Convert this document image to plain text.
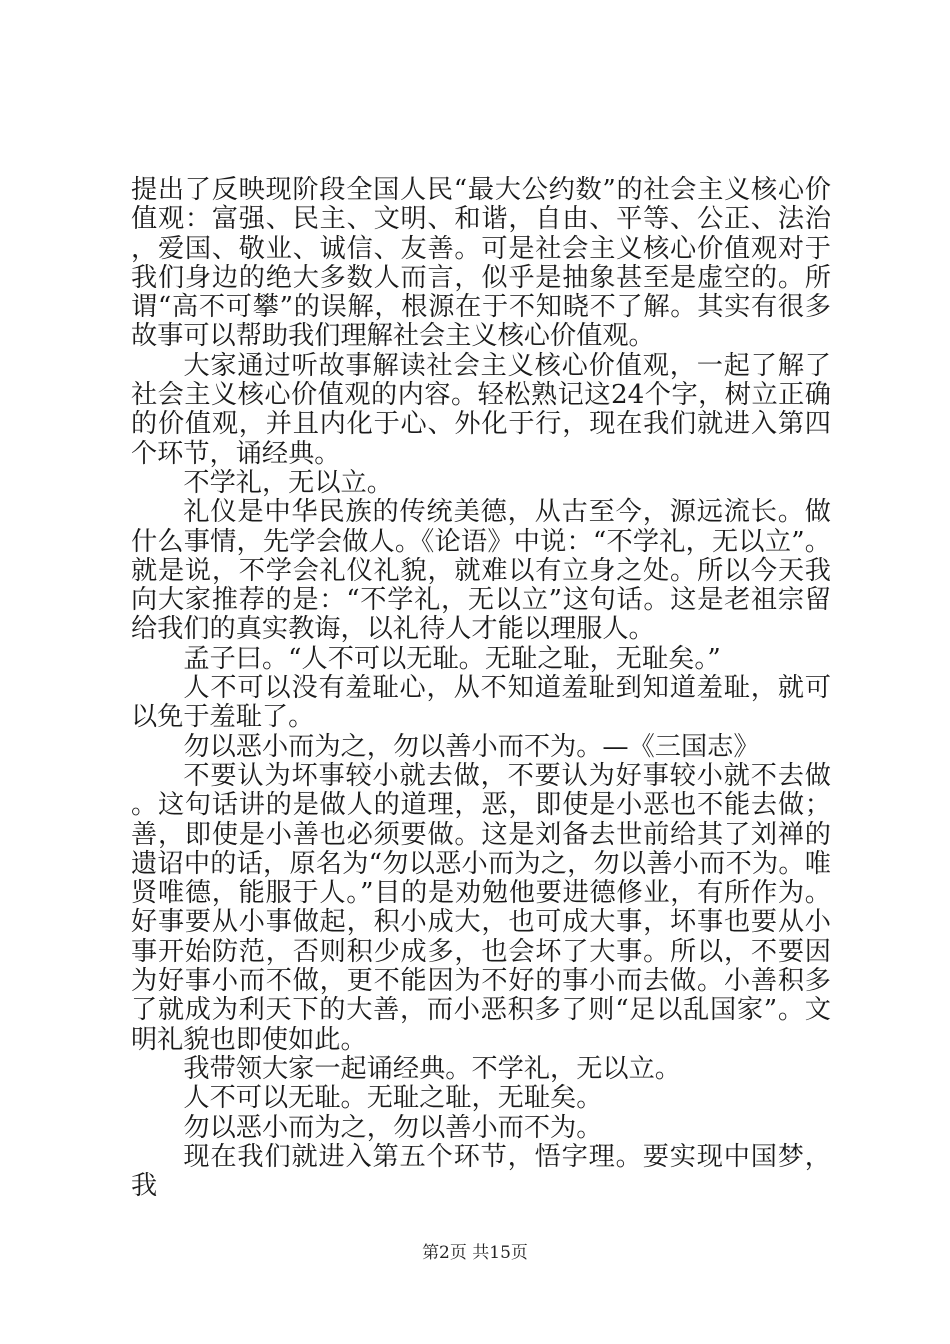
提出了反映现阶段全国人民“最大公约数”的社会主义核心价值观：富强、民主、文明、和谐，自由、平等、公正、法治，爱国、敬业、诚信、友善。可是社会主义核心价值观对于我们身边的绝大多数人而言，似乎是抽象甚至是虚空的。所谓“高不可攀”的误解，根源在于不知晓不了解。其实有很多故事可以帮助我们理解社会主义核心价值观。

大家通过听故事解读社会主义核心价值观，一起了解了社会主义核心价值观的内容。轻松熟记这24个字，树立正确的价值观，并且内化于心、外化于行，现在我们就进入第四个环节，诵经典。

不学礼，无以立。

礼仪是中华民族的传统美德，从古至今，源远流长。做什么事情，先学会做人。《论语》中说：“不学礼，无以立”。就是说，不学会礼仪礼貌，就难以有立身之处。所以今天我向大家推荐的是：“不学礼，无以立”这句话。这是老祖宗留给我们的真实教诲，以礼待人才能以理服人。

孟子曰。“人不可以无耻。无耻之耻，无耻矣。”

人不可以没有羞耻心，从不知道羞耻到知道羞耻，就可以免于羞耻了。

勿以恶小而为之，勿以善小而不为。—《三国志》

不要认为坏事较小就去做，不要认为好事较小就不去做。这句话讲的是做人的道理，恶，即使是小恶也不能去做；善，即使是小善也必须要做。这是刘备去世前给其了刘禅的遗诏中的话，原名为“勿以恶小而为之，勿以善小而不为。唯贤唯德，能服于人。”目的是劝勉他要进德修业，有所作为。好事要从小事做起，积小成大，也可成大事，坏事也要从小事开始防范，否则积少成多，也会坏了大事。所以，不要因为好事小而不做，更不能因为不好的事小而去做。小善积多了就成为利天下的大善，而小恶积多了则“足以乱国家”。文明礼貌也即使如此。

我带领大家一起诵经典。不学礼，无以立。

人不可以无耻。无耻之耻，无耻矣。

勿以恶小而为之，勿以善小而不为。

现在我们就进入第五个环节，悟字理。要实现中国梦，我

第2页 共15页
